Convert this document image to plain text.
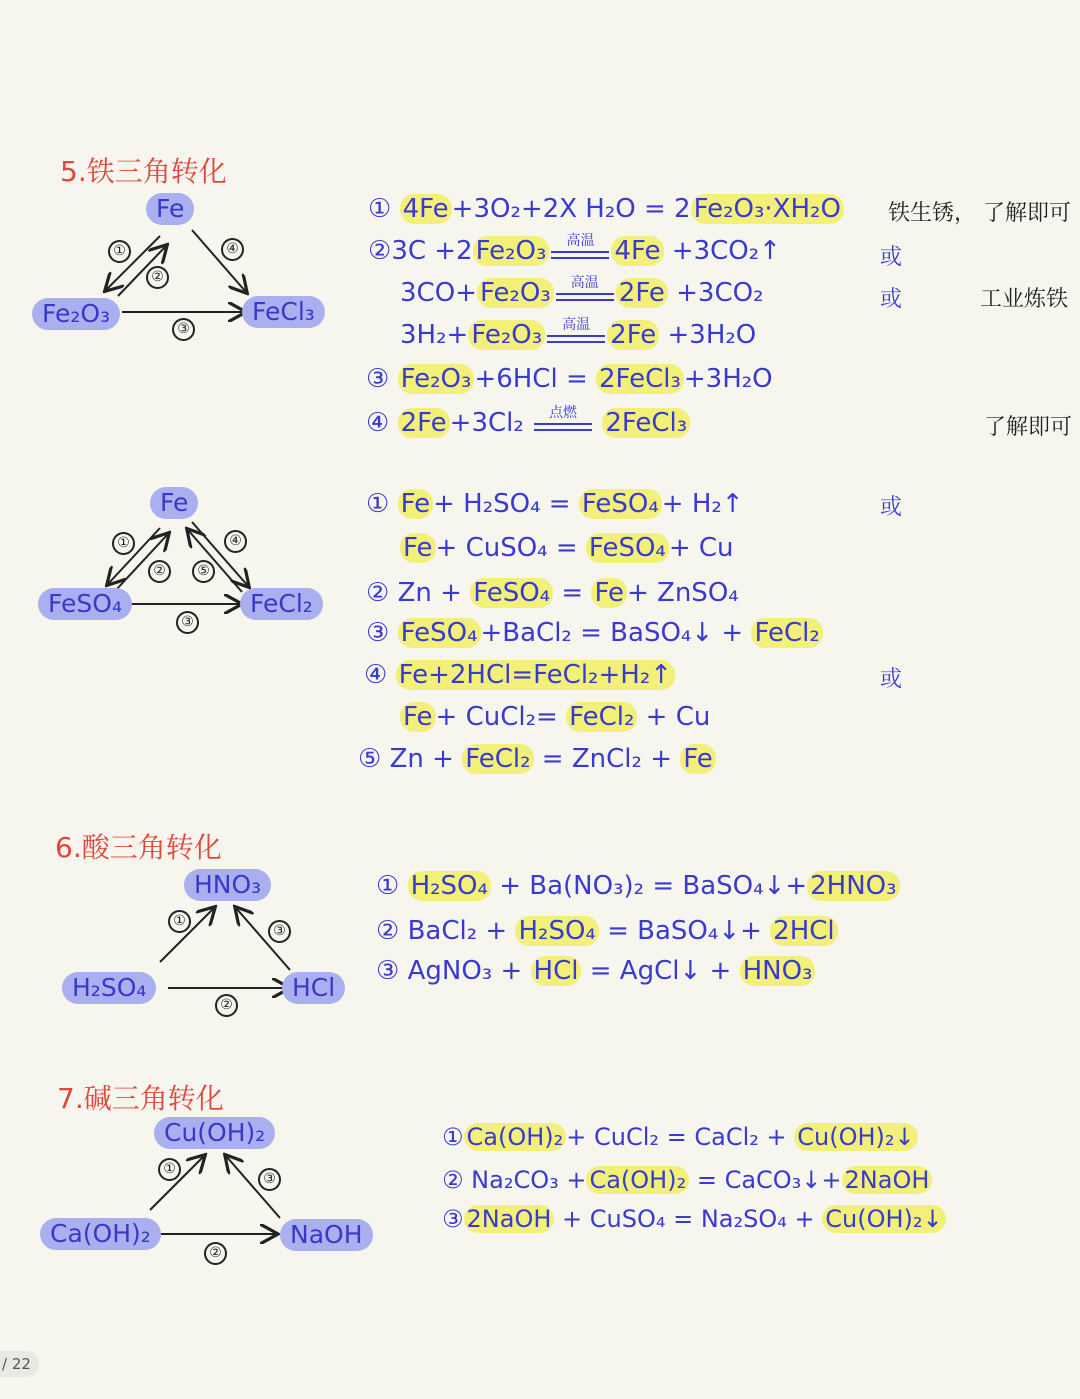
5.铁三角转化
Fe
Fe₂O₃	FeCl₃
①
②
④
③
① 4Fe +3O₂+2X H₂O = 2 Fe₂O₃·XH₂O 铁生锈， 了解即可
②3C +2 Fe₂O₃	高温 4Fe +3CO₂↑	或
3CO+ Fe₂O₃	高温 2Fe +3CO₂	或	工业炼铁
3H₂+ Fe₂O₃	高温 2Fe +3H₂O
③ Fe₂O₃ +6HCl = 2FeCl₃ +3H₂O
④ 2Fe +3Cl₂	点燃	2FeCl₃	了解即可
Fe
FeSO₄	FeCl₂
①
②
④
⑤
③
① Fe + H₂SO₄ = FeSO₄ + H₂↑	或
Fe + CuSO₄ = FeSO₄ + Cu
② Zn + FeSO₄ = Fe + ZnSO₄
③ FeSO₄ +BaCl₂ = BaSO₄↓ + FeCl₂
④ Fe+2HCl=FeCl₂+H₂↑	或
Fe + CuCl₂= FeCl₂ + Cu
⑤ Zn + FeCl₂ = ZnCl₂ + Fe
6.酸三角转化
HNO₃
H₂SO₄	HCl
①
③
②
① H₂SO₄ + Ba(NO₃)₂ = BaSO₄↓+ 2HNO₃
② BaCl₂ + H₂SO₄ = BaSO₄↓+ 2HCl
③ AgNO₃ + HCl = AgCl↓ + HNO₃
7.碱三角转化
Cu(OH)₂
Ca(OH)₂	NaOH
①
③
②
① Ca(OH)₂ + CuCl₂ = CaCl₂ + Cu(OH)₂↓
② Na₂CO₃ + Ca(OH)₂ = CaCO₃↓+ 2NaOH
③ 2NaOH + CuSO₄ = Na₂SO₄ + Cu(OH)₂↓
/ 22
